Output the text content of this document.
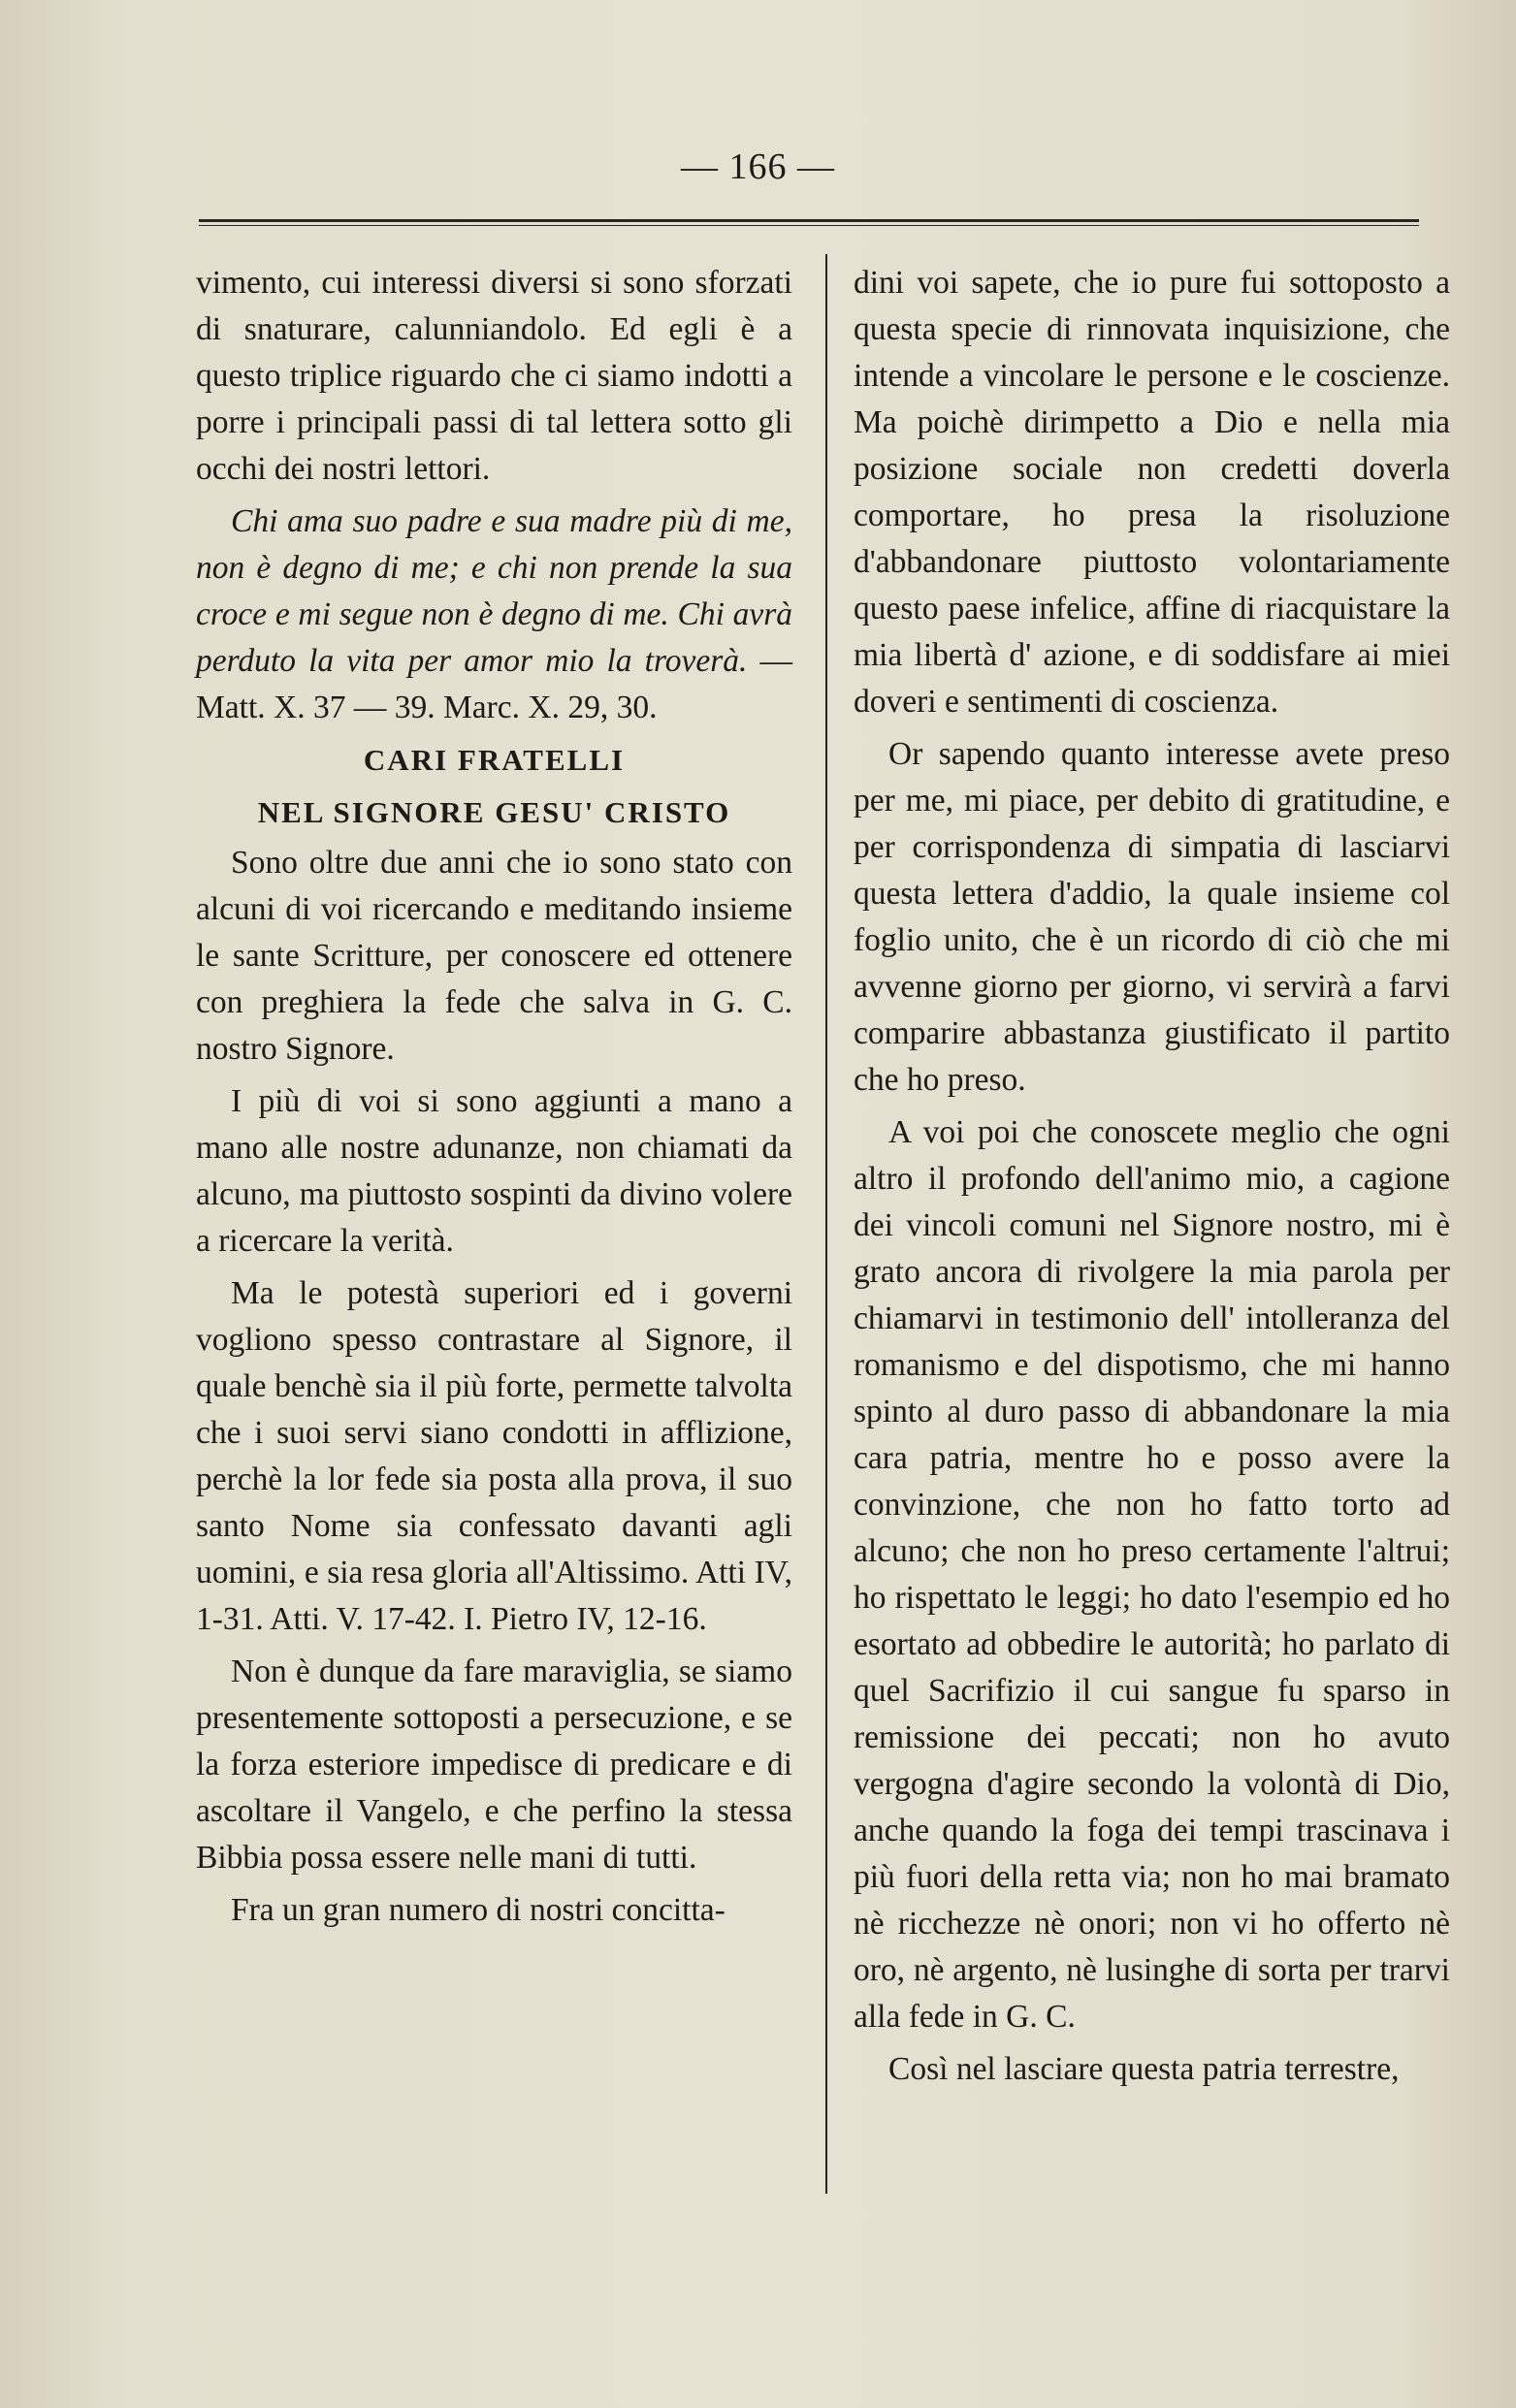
— 166 —

vimento, cui interessi diversi si sono sforzati di snaturare, calunniandolo. Ed egli è a questo triplice riguardo che ci siamo indotti a porre i principali passi di tal lettera sotto gli occhi dei nostri lettori.

Chi ama suo padre e sua madre più di me, non è degno di me; e chi non prende la sua croce e mi segue non è degno di me. Chi avrà perduto la vita per amor mio la troverà. — Matt. X. 37 — 39. Marc. X. 29, 30.

CARI FRATELLI
NEL SIGNORE GESU' CRISTO

Sono oltre due anni che io sono stato con alcuni di voi ricercando e meditando insieme le sante Scritture, per conoscere ed ottenere con preghiera la fede che salva in G. C. nostro Signore.

I più di voi si sono aggiunti a mano a mano alle nostre adunanze, non chiamati da alcuno, ma piuttosto sospinti da divino volere a ricercare la verità.

Ma le potestà superiori ed i governi vogliono spesso contrastare al Signore, il quale benchè sia il più forte, permette talvolta che i suoi servi siano condotti in afflizione, perchè la lor fede sia posta alla prova, il suo santo Nome sia confessato davanti agli uomini, e sia resa gloria all'Altissimo. Atti IV, 1-31. Atti. V. 17-42. I. Pietro IV, 12-16.

Non è dunque da fare maraviglia, se siamo presentemente sottoposti a persecuzione, e se la forza esteriore impedisce di predicare e di ascoltare il Vangelo, e che perfino la stessa Bibbia possa essere nelle mani di tutti.

Fra un gran numero di nostri concitta-

dini voi sapete, che io pure fui sottoposto a questa specie di rinnovata inquisizione, che intende a vincolare le persone e le coscienze. Ma poichè dirimpetto a Dio e nella mia posizione sociale non credetti doverla comportare, ho presa la risoluzione d'abbandonare piuttosto volontariamente questo paese infelice, affine di riacquistare la mia libertà d' azione, e di soddisfare ai miei doveri e sentimenti di coscienza.

Or sapendo quanto interesse avete preso per me, mi piace, per debito di gratitudine, e per corrispondenza di simpatia di lasciarvi questa lettera d'addio, la quale insieme col foglio unito, che è un ricordo di ciò che mi avvenne giorno per giorno, vi servirà a farvi comparire abbastanza giustificato il partito che ho preso.

A voi poi che conoscete meglio che ogni altro il profondo dell'animo mio, a cagione dei vincoli comuni nel Signore nostro, mi è grato ancora di rivolgere la mia parola per chiamarvi in testimonio dell' intolleranza del romanismo e del dispotismo, che mi hanno spinto al duro passo di abbandonare la mia cara patria, mentre ho e posso avere la convinzione, che non ho fatto torto ad alcuno; che non ho preso certamente l'altrui; ho rispettato le leggi; ho dato l'esempio ed ho esortato ad obbedire le autorità; ho parlato di quel Sacrifizio il cui sangue fu sparso in remissione dei peccati; non ho avuto vergogna d'agire secondo la volontà di Dio, anche quando la foga dei tempi trascinava i più fuori della retta via; non ho mai bramato nè ricchezze nè onori; non vi ho offerto nè oro, nè argento, nè lusinghe di sorta per trarvi alla fede in G. C.

Così nel lasciare questa patria terrestre,
